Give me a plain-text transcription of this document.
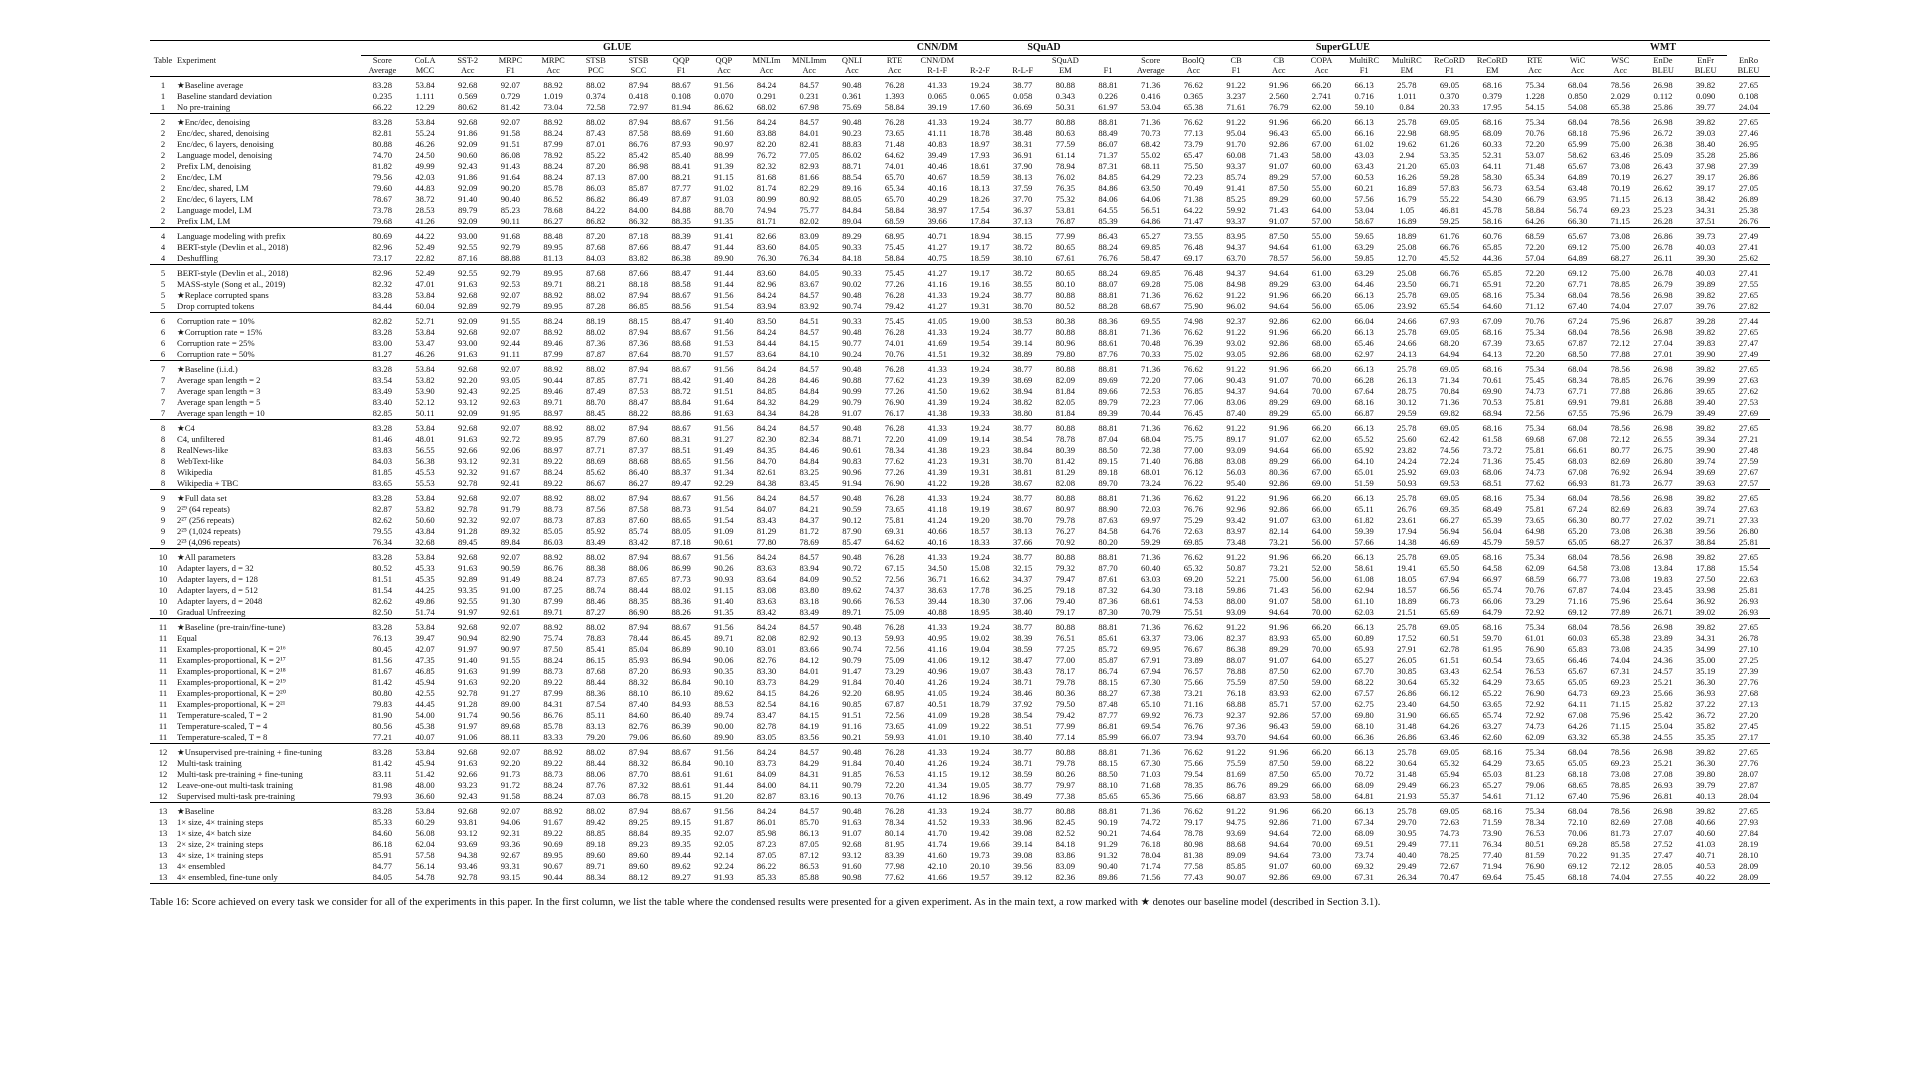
		GLUE												CNN/DM			SQuAD		SuperGLUE												WMT			
Table	Experiment	Score	CoLA	SST-2	MRPC	MRPC	STSB	STSB	QQP	QQP	MNLIm	MNLImm	QNLI	RTE	CNN/DM			SQuAD		Score	BoolQ	CB	CB	COPA	MultiRC	MultiRC	ReCoRD	ReCoRD	RTE	WiC	WSC	EnDe	EnFr	EnRo
		Average	MCC	Acc	F1	Acc	PCC	SCC	F1	Acc	Acc	Acc	Acc	Acc	R-1-F	R-2-F	R-L-F	EM	F1	Average	Acc	F1	Acc	Acc	F1	EM	F1	EM	Acc	Acc	Acc	BLEU	BLEU	BLEU
1	★Baseline average	83.28	53.84	92.68	92.07	88.92	88.02	87.94	88.67	91.56	84.24	84.57	90.48	76.28	41.33	19.24	38.77	80.88	88.81	71.36	76.62	91.22	91.96	66.20	66.13	25.78	69.05	68.16	75.34	68.04	78.56	26.98	39.82	27.65
1	Baseline standard deviation	0.235	1.111	0.569	0.729	1.019	0.374	0.418	0.108	0.070	0.291	0.231	0.361	1.393	0.065	0.065	0.058	0.343	0.226	0.416	0.365	3.237	2.560	2.741	0.716	1.011	0.370	0.379	1.228	0.850	2.029	0.112	0.090	0.108
1	No pre-training	66.22	12.29	80.62	81.42	73.04	72.58	72.97	81.94	86.62	68.02	67.98	75.69	58.84	39.19	17.60	36.69	50.31	61.97	53.04	65.38	71.61	76.79	62.00	59.10	0.84	20.33	17.95	54.15	54.08	65.38	25.86	39.77	24.04
2	★Enc/dec, denoising	83.28	53.84	92.68	92.07	88.92	88.02	87.94	88.67	91.56	84.24	84.57	90.48	76.28	41.33	19.24	38.77	80.88	88.81	71.36	76.62	91.22	91.96	66.20	66.13	25.78	69.05	68.16	75.34	68.04	78.56	26.98	39.82	27.65
2	Enc/dec, shared, denoising	82.81	55.24	91.86	91.58	88.24	87.43	87.58	88.69	91.60	83.88	84.01	90.23	73.65	41.11	18.78	38.48	80.63	88.49	70.73	77.13	95.04	96.43	65.00	66.16	22.98	68.95	68.09	70.76	68.18	75.96	26.72	39.03	27.46
2	Enc/dec, 6 layers, denoising	80.88	46.26	92.09	91.51	87.99	87.01	86.76	87.93	90.97	82.20	82.41	88.83	71.48	40.83	18.97	38.31	77.59	86.07	68.42	73.79	91.70	92.86	67.00	61.02	19.62	61.26	60.33	72.20	65.99	75.00	26.38	38.40	26.95
2	Language model, denoising	74.70	24.50	90.60	86.08	78.92	85.22	85.42	85.40	88.99	76.72	77.05	86.02	64.62	39.49	17.93	36.91	61.14	71.37	55.02	65.47	60.08	71.43	58.00	43.03	2.94	53.35	52.31	53.07	58.62	63.46	25.09	35.28	25.86
2	Prefix LM, denoising	81.82	49.99	92.43	91.43	88.24	87.20	86.98	88.41	91.39	82.32	82.93	88.71	74.01	40.46	18.61	37.90	78.94	87.31	68.11	75.50	93.37	91.07	60.00	63.43	21.20	65.03	64.11	71.48	65.67	73.08	26.43	37.98	27.39
2	Enc/dec, LM	79.56	42.03	91.86	91.64	88.24	87.13	87.00	88.21	91.15	81.68	81.66	88.54	65.70	40.67	18.59	38.13	76.02	84.85	64.29	72.23	85.74	89.29	57.00	60.53	16.26	59.28	58.30	65.34	64.89	70.19	26.27	39.17	26.86
2	Enc/dec, shared, LM	79.60	44.83	92.09	90.20	85.78	86.03	85.87	87.77	91.02	81.74	82.29	89.16	65.34	40.16	18.13	37.59	76.35	84.86	63.50	70.49	91.41	87.50	55.00	60.21	16.89	57.83	56.73	63.54	63.48	70.19	26.62	39.17	27.05
2	Enc/dec, 6 layers, LM	78.67	38.72	91.40	90.40	86.52	86.82	86.49	87.87	91.03	80.99	80.92	88.05	65.70	40.29	18.26	37.70	75.32	84.06	64.06	71.38	85.25	89.29	60.00	57.56	16.79	55.22	54.30	66.79	63.95	71.15	26.13	38.42	26.89
2	Language model, LM	73.78	28.53	89.79	85.23	78.68	84.22	84.00	84.88	88.70	74.94	75.77	84.84	58.84	38.97	17.54	36.37	53.81	64.55	56.51	64.22	59.92	71.43	64.00	53.04	1.05	46.81	45.78	58.84	56.74	69.23	25.23	34.31	25.38
2	Prefix LM, LM	79.68	41.26	92.09	90.11	86.27	86.82	86.32	88.35	91.35	81.71	82.02	89.04	68.59	39.66	17.84	37.13	76.87	85.39	64.86	71.47	93.37	91.07	57.00	58.67	16.89	59.25	58.16	64.26	66.30	71.15	26.28	37.51	26.76
4	Language modeling with prefix	80.69	44.22	93.00	91.68	88.48	87.20	87.18	88.39	91.41	82.66	83.09	89.29	68.95	40.71	18.94	38.15	77.99	86.43	65.27	73.55	83.95	87.50	55.00	59.65	18.89	61.76	60.76	68.59	65.67	73.08	26.86	39.73	27.49
4	BERT-style (Devlin et al., 2018)	82.96	52.49	92.55	92.79	89.95	87.68	87.66	88.47	91.44	83.60	84.05	90.33	75.45	41.27	19.17	38.72	80.65	88.24	69.85	76.48	94.37	94.64	61.00	63.29	25.08	66.76	65.85	72.20	69.12	75.00	26.78	40.03	27.41
4	Deshuffling	73.17	22.82	87.16	88.88	81.13	84.03	83.82	86.38	89.90	76.30	76.34	84.18	58.84	40.75	18.59	38.10	67.61	76.76	58.47	69.17	63.70	78.57	56.00	59.85	12.70	45.52	44.36	57.04	64.89	68.27	26.11	39.30	25.62
5	BERT-style (Devlin et al., 2018)	82.96	52.49	92.55	92.79	89.95	87.68	87.66	88.47	91.44	83.60	84.05	90.33	75.45	41.27	19.17	38.72	80.65	88.24	69.85	76.48	94.37	94.64	61.00	63.29	25.08	66.76	65.85	72.20	69.12	75.00	26.78	40.03	27.41
5	MASS-style (Song et al., 2019)	82.32	47.01	91.63	92.53	89.71	88.21	88.18	88.58	91.44	82.96	83.67	90.02	77.26	41.16	19.16	38.55	80.10	88.07	69.28	75.08	84.98	89.29	63.00	64.46	23.50	66.71	65.91	72.20	67.71	78.85	26.79	39.89	27.55
5	★Replace corrupted spans	83.28	53.84	92.68	92.07	88.92	88.02	87.94	88.67	91.56	84.24	84.57	90.48	76.28	41.33	19.24	38.77	80.88	88.81	71.36	76.62	91.22	91.96	66.20	66.13	25.78	69.05	68.16	75.34	68.04	78.56	26.98	39.82	27.65
5	Drop corrupted tokens	84.44	60.04	92.89	92.79	89.95	87.28	86.85	88.56	91.54	83.94	83.92	90.74	79.42	41.27	19.31	38.70	80.52	88.28	68.67	75.90	96.02	94.64	56.00	65.06	23.92	65.54	64.60	71.12	67.40	74.04	27.07	39.76	27.82
6	Corruption rate = 10%	82.82	52.71	92.09	91.55	88.24	88.19	88.15	88.47	91.40	83.50	84.51	90.33	75.45	41.05	19.00	38.53	80.38	88.36	69.55	74.98	92.37	92.86	62.00	66.04	24.66	67.93	67.09	70.76	67.24	75.96	26.87	39.28	27.44
6	★Corruption rate = 15%	83.28	53.84	92.68	92.07	88.92	88.02	87.94	88.67	91.56	84.24	84.57	90.48	76.28	41.33	19.24	38.77	80.88	88.81	71.36	76.62	91.22	91.96	66.20	66.13	25.78	69.05	68.16	75.34	68.04	78.56	26.98	39.82	27.65
6	Corruption rate = 25%	83.00	53.47	93.00	92.44	89.46	87.36	87.36	88.68	91.53	84.44	84.15	90.77	74.01	41.69	19.54	39.14	80.96	88.61	70.48	76.39	93.02	92.86	68.00	65.46	24.66	68.20	67.39	73.65	67.87	72.12	27.04	39.83	27.47
6	Corruption rate = 50%	81.27	46.26	91.63	91.11	87.99	87.87	87.64	88.70	91.57	83.64	84.10	90.24	70.76	41.51	19.32	38.89	79.80	87.76	70.33	75.02	93.05	92.86	68.00	62.97	24.13	64.94	64.13	72.20	68.50	77.88	27.01	39.90	27.49
7	★Baseline (i.i.d.)	83.28	53.84	92.68	92.07	88.92	88.02	87.94	88.67	91.56	84.24	84.57	90.48	76.28	41.33	19.24	38.77	80.88	88.81	71.36	76.62	91.22	91.96	66.20	66.13	25.78	69.05	68.16	75.34	68.04	78.56	26.98	39.82	27.65
7	Average span length = 2	83.54	53.82	92.20	93.05	90.44	87.85	87.71	88.42	91.40	84.28	84.46	90.88	77.62	41.23	19.39	38.69	82.09	89.69	72.20	77.06	90.43	91.07	70.00	66.28	26.13	71.34	70.61	75.45	68.34	78.85	26.76	39.99	27.63
7	Average span length = 3	83.49	53.90	92.43	92.25	89.46	87.49	87.53	88.72	91.51	84.85	84.84	90.99	77.26	41.50	19.62	38.94	81.84	89.66	72.53	76.85	94.37	94.64	70.00	67.64	28.75	70.84	69.90	74.73	67.71	77.88	26.86	39.65	27.62
7	Average span length = 5	83.40	52.12	93.12	92.63	89.71	88.70	88.47	88.84	91.64	84.32	84.29	90.79	76.90	41.39	19.24	38.82	82.05	89.79	72.23	77.06	83.06	89.29	69.00	68.16	30.12	71.36	70.53	75.81	69.91	79.81	26.88	39.40	27.53
7	Average span length = 10	82.85	50.11	92.09	91.95	88.97	88.45	88.22	88.86	91.63	84.34	84.28	91.07	76.17	41.38	19.33	38.80	81.84	89.39	70.44	76.45	87.40	89.29	65.00	66.87	29.59	69.82	68.94	72.56	67.55	75.96	26.79	39.49	27.69
8	★C4	83.28	53.84	92.68	92.07	88.92	88.02	87.94	88.67	91.56	84.24	84.57	90.48	76.28	41.33	19.24	38.77	80.88	88.81	71.36	76.62	91.22	91.96	66.20	66.13	25.78	69.05	68.16	75.34	68.04	78.56	26.98	39.82	27.65
8	C4, unfiltered	81.46	48.01	91.63	92.72	89.95	87.79	87.60	88.31	91.27	82.30	82.34	88.71	72.20	41.09	19.14	38.54	78.78	87.04	68.04	75.75	89.17	91.07	62.00	65.52	25.60	62.42	61.58	69.68	67.08	72.12	26.55	39.34	27.21
8	RealNews-like	83.83	56.55	92.66	92.06	88.97	87.71	87.37	88.51	91.49	84.35	84.46	90.61	78.34	41.38	19.23	38.84	80.39	88.50	72.38	77.00	93.09	94.64	66.00	65.92	23.82	74.56	73.72	75.81	66.61	80.77	26.75	39.90	27.48
8	WebText-like	84.03	56.38	93.12	92.31	89.22	88.69	88.68	88.65	91.56	84.70	84.84	90.83	77.62	41.23	19.31	38.70	81.42	89.15	71.40	76.88	83.08	89.29	66.00	64.10	24.24	72.24	71.36	75.45	68.03	82.69	26.80	39.74	27.59
8	Wikipedia	81.85	45.53	92.32	91.67	88.24	85.62	86.40	88.37	91.34	82.61	83.25	90.96	77.26	41.39	19.31	38.81	81.29	89.18	68.01	76.12	56.03	80.36	67.00	65.01	25.92	69.03	68.06	74.73	67.08	76.92	26.94	39.69	27.67
8	Wikipedia + TBC	83.65	55.53	92.78	92.41	89.22	86.67	86.27	89.47	92.29	84.38	83.45	91.94	76.90	41.22	19.28	38.67	82.08	89.70	73.24	76.22	95.40	92.86	69.00	51.59	50.93	69.53	68.51	77.62	66.93	81.73	26.77	39.63	27.57
9	★Full data set	83.28	53.84	92.68	92.07	88.92	88.02	87.94	88.67	91.56	84.24	84.57	90.48	76.28	41.33	19.24	38.77	80.88	88.81	71.36	76.62	91.22	91.96	66.20	66.13	25.78	69.05	68.16	75.34	68.04	78.56	26.98	39.82	27.65
9	2²⁹ (64 repeats)	82.87	53.82	92.78	91.79	88.73	87.56	87.58	88.73	91.54	84.07	84.21	90.59	73.65	41.18	19.19	38.67	80.97	88.90	72.03	76.76	92.96	92.86	66.00	65.11	26.76	69.35	68.49	75.81	67.24	82.69	26.83	39.74	27.63
9	2²⁷ (256 repeats)	82.62	50.60	92.32	92.07	88.73	87.83	87.60	88.65	91.54	83.43	84.37	90.12	75.81	41.24	19.20	38.70	79.78	87.63	69.97	75.29	93.42	91.07	63.00	61.82	23.61	66.27	65.39	73.65	66.30	80.77	27.02	39.71	27.33
9	2²⁵ (1,024 repeats)	79.55	43.84	91.28	89.32	85.05	85.92	85.74	88.05	91.09	81.29	81.72	87.90	69.31	40.66	18.57	38.13	76.27	84.58	64.76	72.63	83.97	82.14	64.00	59.39	17.94	56.94	56.04	64.98	65.20	73.08	26.38	39.56	26.80
9	2²³ (4,096 repeats)	76.34	32.68	89.45	89.84	86.03	83.49	83.42	87.18	90.61	77.80	78.69	85.47	64.62	40.16	18.33	37.66	70.92	80.20	59.29	69.85	73.48	73.21	56.00	57.66	14.38	46.69	45.79	59.57	65.05	68.27	26.37	38.84	25.81
10	★All parameters	83.28	53.84	92.68	92.07	88.92	88.02	87.94	88.67	91.56	84.24	84.57	90.48	76.28	41.33	19.24	38.77	80.88	88.81	71.36	76.62	91.22	91.96	66.20	66.13	25.78	69.05	68.16	75.34	68.04	78.56	26.98	39.82	27.65
10	Adapter layers, d = 32	80.52	45.33	91.63	90.59	86.76	88.38	88.06	86.99	90.26	83.63	83.94	90.72	67.15	34.50	15.08	32.15	79.32	87.70	60.40	65.32	50.87	73.21	52.00	58.61	19.41	65.50	64.58	62.09	64.58	73.08	13.84	17.88	15.54
10	Adapter layers, d = 128	81.51	45.35	92.89	91.49	88.24	87.73	87.65	87.73	90.93	83.64	84.09	90.52	72.56	36.71	16.62	34.37	79.47	87.61	63.03	69.20	52.21	75.00	56.00	61.08	18.05	67.94	66.97	68.59	66.77	73.08	19.83	27.50	22.63
10	Adapter layers, d = 512	81.54	44.25	93.35	91.00	87.25	88.74	88.44	88.02	91.15	83.08	83.80	89.62	74.37	38.63	17.78	36.25	79.18	87.32	64.30	73.18	59.86	71.43	56.00	62.94	18.57	66.56	65.74	70.76	67.87	74.04	23.45	33.98	25.81
10	Adapter layers, d = 2048	82.62	49.86	92.55	91.30	87.99	88.46	88.35	88.36	91.40	83.63	83.18	90.66	76.53	39.44	18.30	37.06	79.40	87.36	68.61	74.53	88.00	91.07	58.00	61.10	18.89	66.73	66.06	73.29	71.16	75.96	25.64	36.92	26.93
10	Gradual Unfreezing	82.50	51.74	91.97	92.61	89.71	87.27	86.90	88.26	91.35	83.42	83.49	89.71	75.09	40.88	18.95	38.40	79.17	87.30	70.79	75.51	93.09	94.64	70.00	62.03	21.51	65.69	64.79	72.92	69.12	77.89	26.71	39.02	26.93
11	★Baseline (pre-train/fine-tune)	83.28	53.84	92.68	92.07	88.92	88.02	87.94	88.67	91.56	84.24	84.57	90.48	76.28	41.33	19.24	38.77	80.88	88.81	71.36	76.62	91.22	91.96	66.20	66.13	25.78	69.05	68.16	75.34	68.04	78.56	26.98	39.82	27.65
11	Equal	76.13	39.47	90.94	82.90	75.74	78.83	78.44	86.45	89.71	82.08	82.92	90.13	59.93	40.95	19.02	38.39	76.51	85.61	63.37	73.06	82.37	83.93	65.00	60.89	17.52	60.51	59.70	61.01	60.03	65.38	23.89	34.31	26.78
11	Examples-proportional, K = 2¹⁶	80.45	42.07	91.97	90.97	87.50	85.41	85.04	86.89	90.10	83.01	83.66	90.74	72.56	41.16	19.04	38.59	77.25	85.72	69.95	76.67	86.38	89.29	70.00	65.93	27.91	62.78	61.95	76.90	65.83	73.08	24.35	34.99	27.10
11	Examples-proportional, K = 2¹⁷	81.56	47.35	91.40	91.55	88.24	86.15	85.93	86.94	90.06	82.76	84.12	90.79	75.09	41.06	19.12	38.47	77.00	85.87	67.91	73.89	88.07	91.07	64.00	65.27	26.05	61.51	60.54	73.65	66.46	74.04	24.36	35.00	27.25
11	Examples-proportional, K = 2¹⁸	81.67	46.85	91.63	91.99	88.73	87.68	87.20	86.93	90.35	83.30	84.01	91.47	73.29	40.96	19.07	38.43	78.17	86.74	67.94	76.57	78.88	87.50	62.00	67.70	30.85	63.43	62.54	76.53	65.67	67.31	24.57	35.19	27.39
11	Examples-proportional, K = 2¹⁹	81.42	45.94	91.63	92.20	89.22	88.44	88.32	86.84	90.10	83.73	84.29	91.84	70.40	41.26	19.24	38.71	79.78	88.15	67.30	75.66	75.59	87.50	59.00	68.22	30.64	65.32	64.29	73.65	65.05	69.23	25.21	36.30	27.76
11	Examples-proportional, K = 2²⁰	80.80	42.55	92.78	91.27	87.99	88.36	88.10	86.10	89.62	84.15	84.26	92.20	68.95	41.05	19.24	38.46	80.36	88.27	67.38	73.21	76.18	83.93	62.00	67.57	26.86	66.12	65.22	76.90	64.73	69.23	25.66	36.93	27.68
11	Examples-proportional, K = 2²¹	79.83	44.45	91.28	89.00	84.31	87.54	87.40	84.93	88.53	82.54	84.16	90.85	67.87	40.51	18.79	37.92	79.50	87.48	65.10	71.16	68.88	85.71	57.00	62.75	23.40	64.50	63.65	72.92	64.11	71.15	25.82	37.22	27.13
11	Temperature-scaled, T = 2	81.90	54.00	91.74	90.56	86.76	85.11	84.60	86.40	89.74	83.47	84.15	91.51	72.56	41.09	19.28	38.54	79.42	87.77	69.92	76.73	92.37	92.86	57.00	69.80	31.90	66.65	65.74	72.92	67.08	75.96	25.42	36.72	27.20
11	Temperature-scaled, T = 4	80.56	45.38	91.97	89.68	85.78	83.13	82.76	86.39	90.00	82.78	84.19	91.16	73.65	41.09	19.22	38.51	77.99	86.81	69.54	76.76	97.36	96.43	59.00	68.10	31.48	64.26	63.27	74.73	64.26	71.15	25.04	35.82	27.45
11	Temperature-scaled, T = 8	77.21	40.07	91.06	88.11	83.33	79.20	79.06	86.60	89.90	83.05	83.56	90.21	59.93	41.01	19.10	38.40	77.14	85.99	66.07	73.94	93.70	94.64	60.00	66.36	26.86	63.46	62.60	62.09	63.32	65.38	24.55	35.35	27.17
12	★Unsupervised pre-training + fine-tuning	83.28	53.84	92.68	92.07	88.92	88.02	87.94	88.67	91.56	84.24	84.57	90.48	76.28	41.33	19.24	38.77	80.88	88.81	71.36	76.62	91.22	91.96	66.20	66.13	25.78	69.05	68.16	75.34	68.04	78.56	26.98	39.82	27.65
12	Multi-task training	81.42	45.94	91.63	92.20	89.22	88.44	88.32	86.84	90.10	83.73	84.29	91.84	70.40	41.26	19.24	38.71	79.78	88.15	67.30	75.66	75.59	87.50	59.00	68.22	30.64	65.32	64.29	73.65	65.05	69.23	25.21	36.30	27.76
12	Multi-task pre-training + fine-tuning	83.11	51.42	92.66	91.73	88.73	88.06	87.70	88.61	91.61	84.09	84.31	91.85	76.53	41.15	19.12	38.59	80.26	88.50	71.03	79.54	81.69	87.50	65.00	70.72	31.48	65.94	65.03	81.23	68.18	73.08	27.08	39.80	28.07
12	Leave-one-out multi-task training	81.98	48.00	93.23	91.72	88.24	87.76	87.32	88.61	91.44	84.00	84.11	90.79	72.20	41.34	19.05	38.77	79.97	88.10	71.68	78.35	86.76	89.29	66.00	68.09	29.49	66.23	65.27	79.06	68.65	78.85	26.93	39.79	27.87
12	Supervised multi-task pre-training	79.93	36.60	92.43	91.58	88.24	87.03	86.78	88.15	91.20	82.87	83.16	90.13	70.76	41.12	18.96	38.49	77.38	85.65	65.36	75.66	68.87	83.93	58.00	64.81	21.93	55.37	54.61	71.12	67.40	75.96	26.81	40.13	28.04
13	★Baseline	83.28	53.84	92.68	92.07	88.92	88.02	87.94	88.67	91.56	84.24	84.57	90.48	76.28	41.33	19.24	38.77	80.88	88.81	71.36	76.62	91.22	91.96	66.20	66.13	25.78	69.05	68.16	75.34	68.04	78.56	26.98	39.82	27.65
13	1× size, 4× training steps	85.33	60.29	93.81	94.06	91.67	89.42	89.25	89.15	91.87	86.01	85.70	91.63	78.34	41.52	19.33	38.96	82.45	90.19	74.72	79.17	94.75	92.86	71.00	67.34	29.70	72.63	71.59	78.34	72.10	82.69	27.08	40.66	27.93
13	1× size, 4× batch size	84.60	56.08	93.12	92.31	89.22	88.85	88.84	89.35	92.07	85.98	86.13	91.07	80.14	41.70	19.42	39.08	82.52	90.21	74.64	78.78	93.69	94.64	72.00	68.09	30.95	74.73	73.90	76.53	70.06	81.73	27.07	40.60	27.84
13	2× size, 2× training steps	86.18	62.04	93.69	93.36	90.69	89.18	89.23	89.35	92.05	87.23	87.05	92.68	81.95	41.74	19.66	39.14	84.18	91.29	76.18	80.98	88.68	94.64	70.00	69.51	29.49	77.11	76.34	80.51	69.28	85.58	27.52	41.03	28.19
13	4× size, 1× training steps	85.91	57.58	94.38	92.67	89.95	89.60	89.60	89.44	92.14	87.05	87.12	93.12	83.39	41.60	19.73	39.08	83.86	91.32	78.04	81.38	89.09	94.64	73.00	73.74	40.40	78.25	77.40	81.59	70.22	91.35	27.47	40.71	28.10
13	4× ensembled	84.77	56.14	93.46	93.31	90.67	89.71	89.60	89.62	92.24	86.22	86.53	91.60	77.98	42.10	20.10	39.56	83.09	90.40	71.74	77.58	85.85	91.07	60.00	69.32	29.49	72.67	71.94	76.90	69.12	72.12	28.05	40.53	28.09
13	4× ensembled, fine-tune only	84.05	54.78	92.78	93.15	90.44	88.34	88.12	89.27	91.93	85.33	85.88	90.98	77.62	41.66	19.57	39.12	82.36	89.86	71.56	77.43	90.07	92.86	69.00	67.31	26.34	70.47	69.64	75.45	68.18	74.04	27.55	40.22	28.09
Table 16: Score achieved on every task we consider for all of the experiments in this paper. In the first column, we list the table where the condensed results were presented for a given experiment. As in the main text, a row marked with ★ denotes our baseline model (described in Section 3.1).
